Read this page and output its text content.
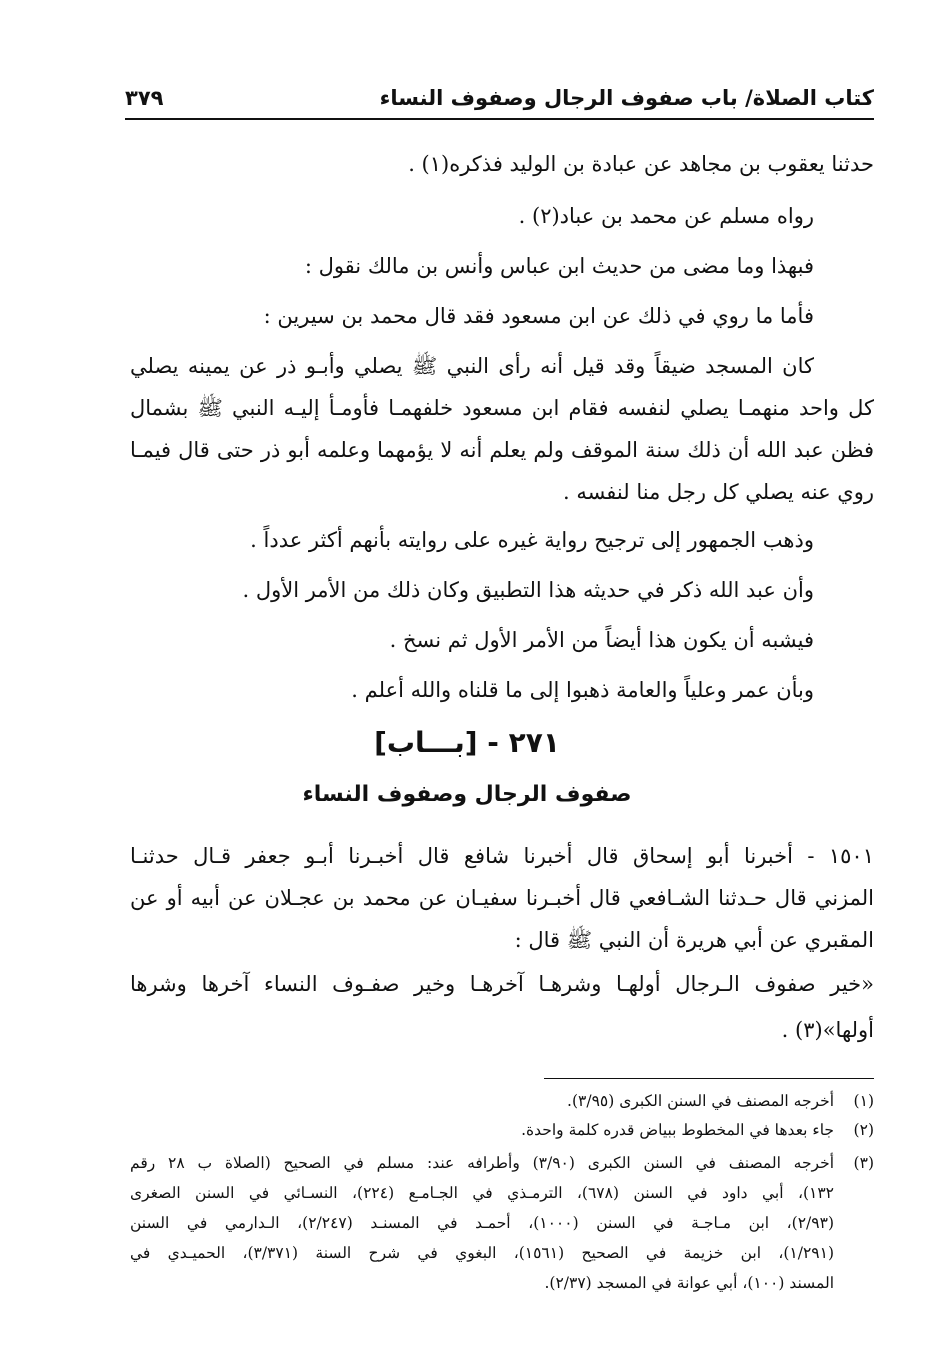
كتاب الصلاة/ باب صفوف الرجال وصفوف النساء
٣٧٩
حدثنا يعقوب بن مجاهد عن عبادة بن الوليد فذكره(١) .
رواه مسلم عن محمد بن عباد(٢) .
فبهذا وما مضى من حديث ابن عباس وأنس بن مالك نقول :
فأما ما روي في ذلك عن ابن مسعود فقد قال محمد بن سيرين :
كان المسجد ضيقاً وقد قيل أنه رأى النبي ﷺ يصلي وأبـو ذر عن يمينه يصلي
كل واحد منهمـا يصلي لنفسه فقام ابن مسعود خلفهمـا فأومـأ إليـه النبي ﷺ بشمال
فظن عبد الله أن ذلك سنة الموقف ولم يعلم أنه لا يؤمهما وعلمه أبو ذر حتى قال فيمـا
روي عنه يصلي كل رجل منا لنفسه .
وذهب الجمهور إلى ترجيح رواية غيره على روايته بأنهم أكثر عدداً .
وأن عبد الله ذكر في حديثه هذا التطبيق وكان ذلك من الأمر الأول .
فيشبه أن يكون هذا أيضاً من الأمر الأول ثم نسخ .
وبأن عمر وعلياً والعامة ذهبوا إلى ما قلناه والله أعلم .
٢٧١ - [بـــاب]
صفوف الرجال وصفوف النساء
١٥٠١ - أخبرنا أبو إسحاق قال أخبرنا شافع قال أخبـرنا أبـو جعفر قـال حدثنـا
المزني قال حـدثنا الشـافعي قال أخبـرنا سفيـان عن محمد بن عجـلان عن أبيه أو عن
المقبري عن أبي هريرة أن النبي ﷺ قال :
«خير صفوف الـرجال أولهـا وشرهـا آخرهـا وخير صفـوف النساء آخرها وشرها
أولها»(٣) .
(١)
أخرجه المصنف في السنن الكبرى (٣/٩٥).
(٢)
جاء بعدها في المخطوط ببياض قدره كلمة واحدة.
(٣)
أخرجه المصنف في السنن الكبرى (٣/٩٠) وأطرافه عند: مسلم في الصحيح (الصلاة ب ٢٨ رقم
١٣٢)، أبي داود في السنن (٦٧٨)، الترمـذي في الجـامـع (٢٢٤)، النسـائي في السنن الصغرى
(٢/٩٣)، ابن مـاجـة في السنن (١٠٠٠)، أحمـد في المسنـد (٢/٢٤٧)، الـدارمي في السنن
(١/٢٩١)، ابن خزيمة في الصحيح (١٥٦١)، البغوي في شرح السنة (٣/٣٧١)، الحميـدي في
المسند (١٠٠)، أبي عوانة في المسجد (٢/٣٧).
